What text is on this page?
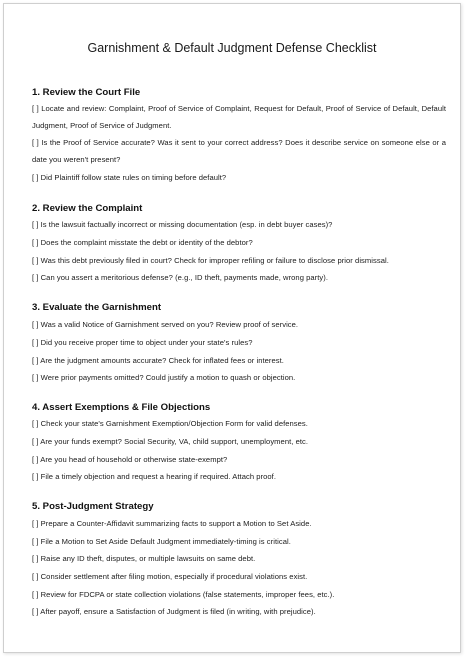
Garnishment & Default Judgment Defense Checklist
1. Review the Court File
[ ] Locate and review: Complaint, Proof of Service of Complaint, Request for Default, Proof of Service of Default, Default Judgment, Proof of Service of Judgment.
[ ] Is the Proof of Service accurate? Was it sent to your correct address? Does it describe service on someone else or a date you weren't present?
[ ] Did Plaintiff follow state rules on timing before default?
2. Review the Complaint
[ ] Is the lawsuit factually incorrect or missing documentation (esp. in debt buyer cases)?
[ ] Does the complaint misstate the debt or identity of the debtor?
[ ] Was this debt previously filed in court? Check for improper refiling or failure to disclose prior dismissal.
[ ] Can you assert a meritorious defense? (e.g., ID theft, payments made, wrong party).
3. Evaluate the Garnishment
[ ] Was a valid Notice of Garnishment served on you? Review proof of service.
[ ] Did you receive proper time to object under your state's rules?
[ ] Are the judgment amounts accurate? Check for inflated fees or interest.
[ ] Were prior payments omitted? Could justify a motion to quash or objection.
4. Assert Exemptions & File Objections
[ ] Check your state's Garnishment Exemption/Objection Form for valid defenses.
[ ] Are your funds exempt? Social Security, VA, child support, unemployment, etc.
[ ] Are you head of household or otherwise state-exempt?
[ ] File a timely objection and request a hearing if required. Attach proof.
5. Post-Judgment Strategy
[ ] Prepare a Counter-Affidavit summarizing facts to support a Motion to Set Aside.
[ ] File a Motion to Set Aside Default Judgment immediately-timing is critical.
[ ] Raise any ID theft, disputes, or multiple lawsuits on same debt.
[ ] Consider settlement after filing motion, especially if procedural violations exist.
[ ] Review for FDCPA or state collection violations (false statements, improper fees, etc.).
[ ] After payoff, ensure a Satisfaction of Judgment is filed (in writing, with prejudice).
